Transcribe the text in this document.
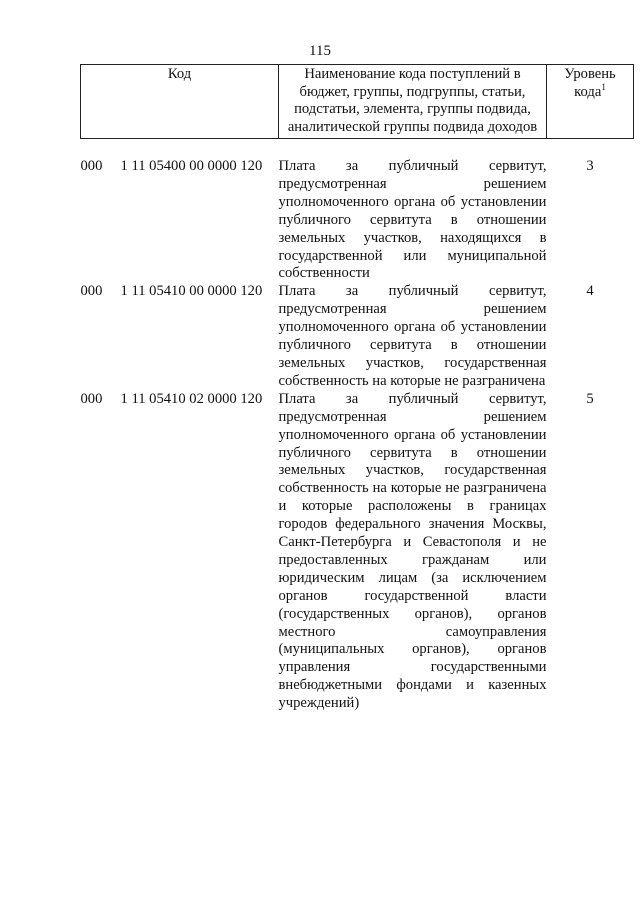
115
Код	Наименование кода поступлений в бюджет, группы, подгруппы, статьи, подстатьи, элемента, группы подвида, аналитической группы подвида доходов	Уровень кода$^1$

000 1 11 05400 00 0000 120	Плата за публичный сервитут, предусмотренная решением уполномоченного органа об установлении публичного сервитута в отношении земельных участков, находящихся в государственной или муниципальной собственности	3
000 1 11 05410 00 0000 120	Плата за публичный сервитут, предусмотренная решением уполномоченного органа об установлении публичного сервитута в отношении земельных участков, государственная собственность на которые не разграничена	4
000 1 11 05410 02 0000 120	Плата за публичный сервитут, предусмотренная решением уполномоченного органа об установлении публичного сервитута в отношении земельных участков, государственная собственность на которые не разграничена и которые расположены в границах городов федерального значения Москвы, Санкт-Петербурга и Севастополя и не предоставленных гражданам или юридическим лицам (за исключением органов государственной власти (государственных органов), органов местного самоуправления (муниципальных органов), органов управления государственными внебюджетными фондами и казенных учреждений)	5
